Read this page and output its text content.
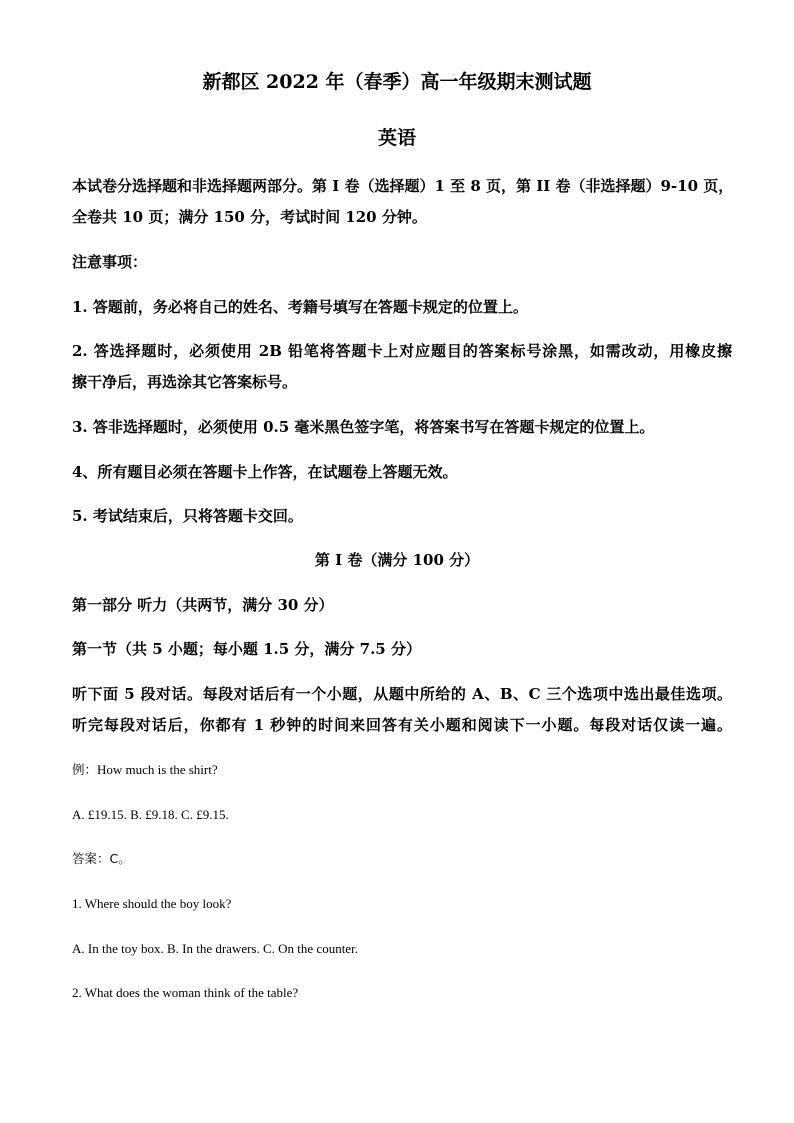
新都区 2022 年（春季）高一年级期末测试题
英语
本试卷分选择题和非选择题两部分。第 I 卷（选择题）1 至 8 页，第 II 卷（非选择题）9-10 页，
全卷共 10 页；满分 150 分，考试时间 120 分钟。
注意事项：
1. 答题前，务必将自己的姓名、考籍号填写在答题卡规定的位置上。
2. 答选择题时，必须使用 2B 铅笔将答题卡上对应题目的答案标号涂黑，如需改动，用橡皮擦
擦干净后，再选涂其它答案标号。
3. 答非选择题时，必须使用 0.5 毫米黑色签字笔，将答案书写在答题卡规定的位置上。
4、所有题目必须在答题卡上作答，在试题卷上答题无效。
5. 考试结束后，只将答题卡交回。
第 I 卷（满分 100 分）
第一部分 听力（共两节，满分 30 分）
第一节（共 5 小题；每小题 1.5 分，满分 7.5 分）
听下面 5 段对话。每段对话后有一个小题，从题中所给的 A、B、C 三个选项中选出最佳选项。
听完每段对话后，你都有 1 秒钟的时间来回答有关小题和阅读下一小题。每段对话仅读一遍。
例：How much is the shirt?
A. £19.15. B. £9.18. C. £9.15.
答案：C。
1. Where should the boy look?
A. In the toy box. B. In the drawers. C. On the counter.
2. What does the woman think of the table?
